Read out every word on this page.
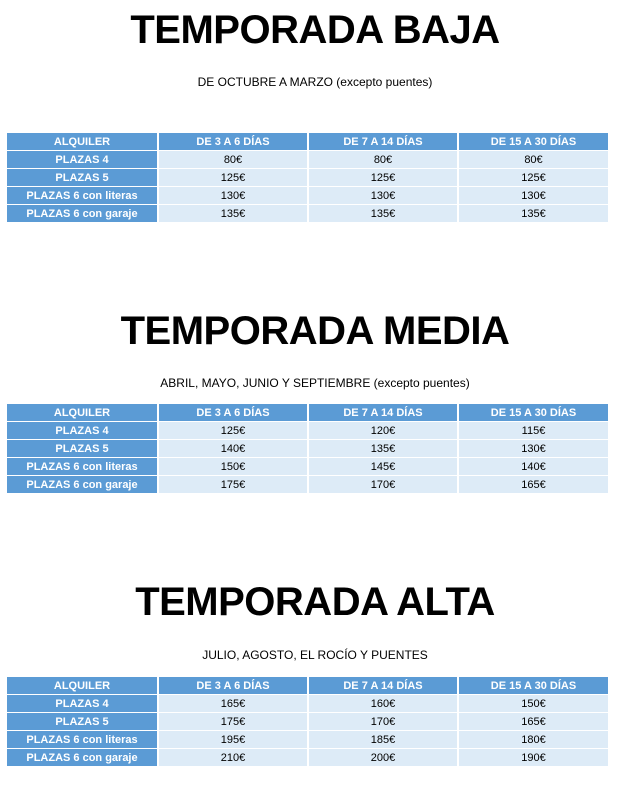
TEMPORADA BAJA
DE OCTUBRE A MARZO (excepto puentes)
ALQUILER	DE 3 A 6 DÍAS	DE 7 A 14 DÍAS	DE 15 A 30 DÍAS
PLAZAS 4	80€	80€	80€
PLAZAS 5	125€	125€	125€
PLAZAS 6 con literas	130€	130€	130€
PLAZAS 6 con garaje	135€	135€	135€
TEMPORADA MEDIA
ABRIL, MAYO, JUNIO Y SEPTIEMBRE (excepto puentes)
ALQUILER	DE 3 A 6 DÍAS	DE 7 A 14 DÍAS	DE 15 A 30 DÍAS
PLAZAS 4	125€	120€	115€
PLAZAS 5	140€	135€	130€
PLAZAS 6 con literas	150€	145€	140€
PLAZAS 6 con garaje	175€	170€	165€
TEMPORADA ALTA
JULIO, AGOSTO, EL ROCÍO Y PUENTES
ALQUILER	DE 3 A 6 DÍAS	DE 7 A 14 DÍAS	DE 15 A 30 DÍAS
PLAZAS 4	165€	160€	150€
PLAZAS 5	175€	170€	165€
PLAZAS 6 con literas	195€	185€	180€
PLAZAS 6 con garaje	210€	200€	190€
